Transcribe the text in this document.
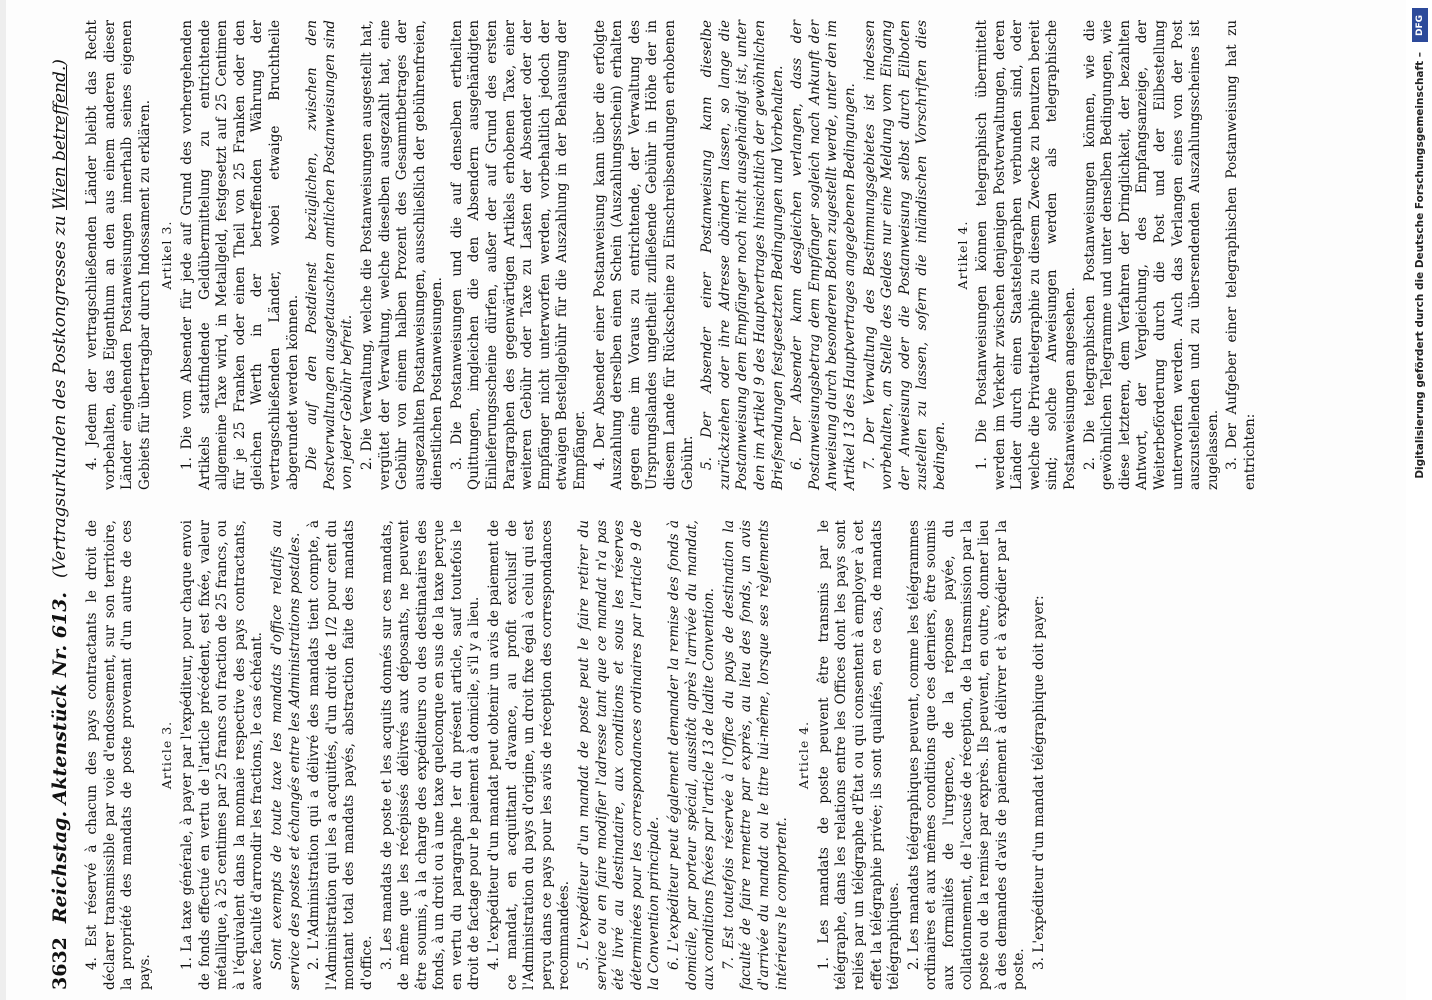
DFG
Digitalisierung gefördert durch die Deutsche Forschungsgemeinschaft –
3632
Reichstag. Aktenstück Nr. 613.
(Vertragsurkunden des Postkongresses zu Wien betreffend.)

4. Est réservé à chacun des pays contractants le droit de déclarer transmissible par voie d'endossement, sur son territoire, la propriété des mandats de poste provenant d'un autre de ces pays.

Article 3. 1. La taxe générale, à payer par l'expéditeur, pour chaque envoi de fonds effectué en vertu de l'article précédent, est fixée, valeur métallique, à 25 centimes par 25 francs ou fraction de 25 francs, ou à l'équivalent dans la monnaie respective des pays contractants, avec faculté d'arrondir les fractions, le cas échéant. Sont exempts de toute taxe les mandats d'office relatifs au service des postes et échangés entre les Administrations postales. 2. L'Administration qui a délivré des mandats tient compte, à l'Administration qui les a acquittés, d'un droit de 1/2 pour cent du montant total des mandats payés, abstraction faite des mandats d'office. 3. Les mandats de poste et les acquits donnés sur ces mandats, de même que les récépissés délivrés aux déposants, ne peuvent être soumis, à la charge des expéditeurs ou des destinataires des fonds, à un droit ou à une taxe quelconque en sus de la taxe perçue en vertu du paragraphe 1er du présent article, sauf toutefois le droit de factage pour le paiement à domicile, s'il y a lieu. 4. L'expéditeur d'un mandat peut obtenir un avis de paiement de ce mandat, en acquittant d'avance, au profit exclusif de l'Administration du pays d'origine, un droit fixe égal à celui qui est perçu dans ce pays pour les avis de réception des correspondances recommandées. 5. L'expéditeur d'un mandat de poste peut le faire retirer du service ou en faire modifier l'adresse tant que ce mandat n'a pas été livré au destinataire, aux conditions et sous les réserves déterminées pour les correspondances ordinaires par l'article 9 de la Convention principale. 6. L'expéditeur peut également demander la remise des fonds à domicile, par porteur spécial, aussitôt après l'arrivée du mandat, aux conditions fixées par l'article 13 de ladite Convention. 7. Est toutefois réservée à l'Office du pays de destination la faculté de faire remettre par exprès, au lieu des fonds, un avis d'arrivée du mandat ou le titre lui-même, lorsque ses règlements intérieurs le comportent.

Article 4. 1. Les mandats de poste peuvent être transmis par le télégraphe, dans les relations entre les Offices dont les pays sont reliés par un télégraphe d'État ou qui consentent à employer à cet effet la télégraphie privée; ils sont qualifiés, en ce cas, de mandats télégraphiques. 2. Les mandats télégraphiques peuvent, comme les télégrammes ordinaires et aux mêmes conditions que ces derniers, être soumis aux formalités de l'urgence, de la réponse payée, du collationnement, de l'accusé de réception, de la transmission par la poste ou de la remise par exprès. Ils peuvent, en outre, donner lieu à des demandes d'avis de paiement à délivrer et à expédier par la poste. 3. L'expéditeur d'un mandat télégraphique doit payer:

4. Jedem der vertragschließenden Länder bleibt das Recht vorbehalten, das Eigenthum an den aus einem anderen dieser Länder eingehenden Postanweisungen innerhalb seines eigenen Gebiets für übertragbar durch Indossament zu erklären. Artikel 3. 1. Die vom Absender für jede auf Grund des vorhergehenden Artikels stattfindende Geldübermittelung zu entrichtende allgemeine Taxe wird, in Metallgeld, festgesetzt auf 25 Centimen für je 25 Franken oder einen Theil von 25 Franken oder den gleichen Werth in der betreffenden Währung der vertragschließenden Länder, wobei etwaige Bruchtheile abgerundet werden können. Die auf den Postdienst bezüglichen, zwischen den Postverwaltungen ausgetauschten amtlichen Postanweisungen sind von jeder Gebühr befreit. 2. Die Verwaltung, welche die Postanweisungen ausgestellt hat, vergütet der Verwaltung, welche dieselben ausgezahlt hat, eine Gebühr von einem halben Prozent des Gesammtbetrages der ausgezahlten Postanweisungen, ausschließlich der gebührenfreien, dienstlichen Postanweisungen. 3. Die Postanweisungen und die auf denselben ertheilten Quittungen, imgleichen die den Absendern ausgehändigten Einlieferungsscheine dürfen, außer der auf Grund des ersten Paragraphen des gegenwärtigen Artikels erhobenen Taxe, einer weiteren Gebühr oder Taxe zu Lasten der Absender oder der Empfänger nicht unterworfen werden, vorbehaltlich jedoch der etwaigen Bestellgebühr für die Auszahlung in der Behausung der Empfänger. 4. Der Absender einer Postanweisung kann über die erfolgte Auszahlung derselben einen Schein (Auszahlungsschein) erhalten gegen eine im Voraus zu entrichtende, der Verwaltung des Ursprungslandes ungetheilt zufließende Gebühr in Höhe der in diesem Lande für Rückscheine zu Einschreibsendungen erhobenen Gebühr. 5. Der Absender einer Postanweisung kann dieselbe zurückziehen oder ihre Adresse abändern lassen, so lange die Postanweisung dem Empfänger noch nicht ausgehändigt ist, unter den im Artikel 9 des Hauptvertrages hinsichtlich der gewöhnlichen Briefsendungen festgesetzten Bedingungen und Vorbehalten. 6. Der Absender kann desgleichen verlangen, dass der Postanweisungsbetrag dem Empfänger sogleich nach Ankunft der Anweisung durch besonderen Boten zugestellt werde, unter den im Artikel 13 des Hauptvertrages angegebenen Bedingungen. 7. Der Verwaltung des Bestimmungsgebietes ist indessen vorbehalten, an Stelle des Geldes nur eine Meldung vom Eingang der Anweisung oder die Postanweisung selbst durch Eilboten zustellen zu lassen, sofern die inländischen Vorschriften dies bedingen.

Artikel 4. 1. Die Postanweisungen können telegraphisch übermittelt werden im Verkehr zwischen denjenigen Postverwaltungen, deren Länder durch einen Staatstelegraphen verbunden sind, oder welche die Privattelegraphie zu diesem Zwecke zu benutzen bereit sind; solche Anweisungen werden als telegraphische Postanweisungen angesehen. 2. Die telegraphischen Postanweisungen können, wie die gewöhnlichen Telegramme und unter denselben Bedingungen, wie diese letzteren, dem Verfahren der Dringlichkeit, der bezahlten Antwort, der Vergleichung, des Empfangsanzeige, der Weiterbeförderung durch die Post und der Eilbestellung unterworfen werden. Auch das Verlangen eines von der Post auszustellenden und zu übersendenden Auszahlungsscheines ist zugelassen. 3. Der Aufgeber einer telegraphischen Postanweisung hat zu entrichten:
